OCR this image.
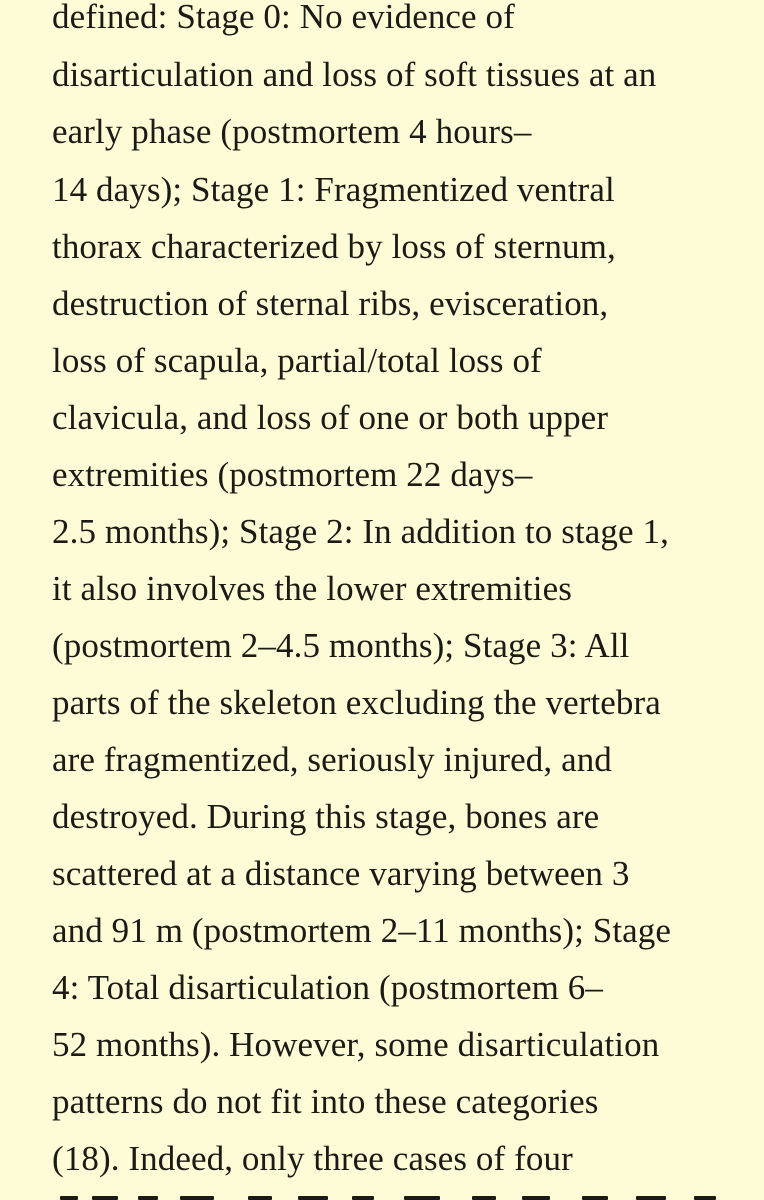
defined: Stage 0: No evidence of
disarticulation and loss of soft tissues at an
early phase (postmortem 4 hours–
14 days); Stage 1: Fragmentized ventral
thorax characterized by loss of sternum,
destruction of sternal ribs, evisceration,
loss of scapula, partial/total loss of
clavicula, and loss of one or both upper
extremities (postmortem 22 days–
2.5 months); Stage 2: In addition to stage 1,
it also involves the lower extremities
(postmortem 2–4.5 months); Stage 3: All
parts of the skeleton excluding the vertebra
are fragmentized, seriously injured, and
destroyed. During this stage, bones are
scattered at a distance varying between 3
and 91 m (postmortem 2–11 months); Stage
4: Total disarticulation (postmortem 6–
52 months). However, some disarticulation
patterns do not fit into these categories
(18). Indeed, only three cases of four
